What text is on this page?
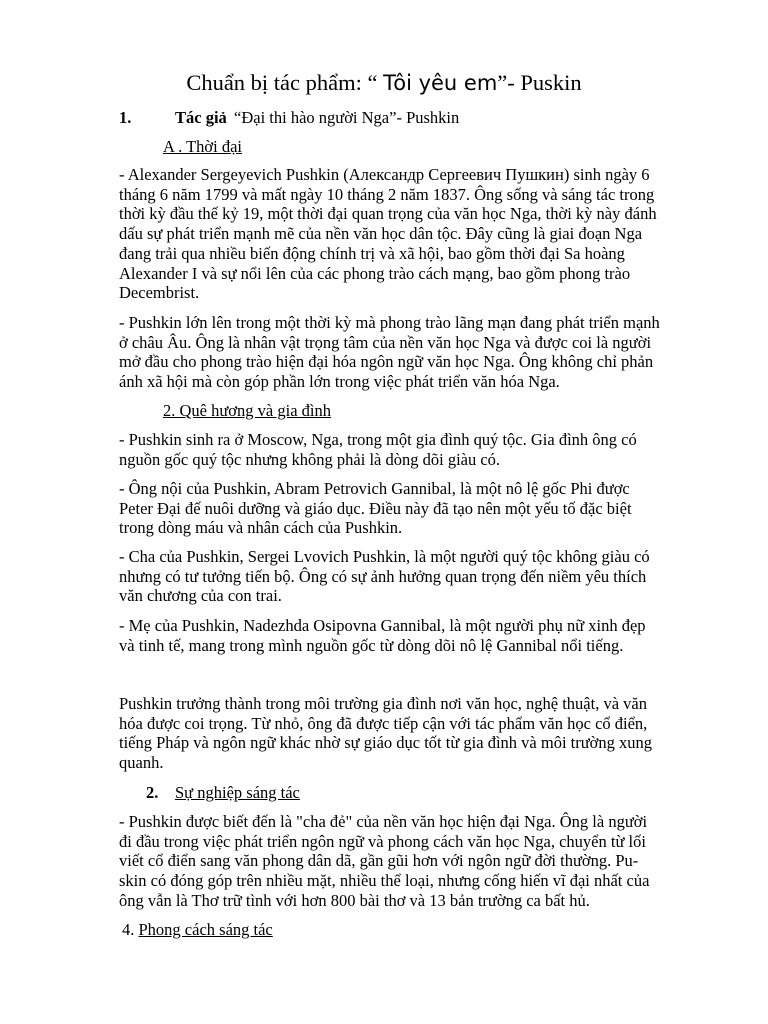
Chuẩn bị tác phẩm: “ Tôi yêu em”- Puskin
1.	Tác giả “Đại thi hào người Nga”- Pushkin
A . Thời đại
- Alexander Sergeyevich Pushkin (Александр Сергеевич Пушкин) sinh ngày 6
tháng 6 năm 1799 và mất ngày 10 tháng 2 năm 1837. Ông sống và sáng tác trong
thời kỳ đầu thế kỷ 19, một thời đại quan trọng của văn học Nga, thời kỳ này đánh
dấu sự phát triển mạnh mẽ của nền văn học dân tộc. Đây cũng là giai đoạn Nga
đang trải qua nhiều biến động chính trị và xã hội, bao gồm thời đại Sa hoàng
Alexander I và sự nổi lên của các phong trào cách mạng, bao gồm phong trào
Decembrist.
- Pushkin lớn lên trong một thời kỳ mà phong trào lãng mạn đang phát triển mạnh
ở châu Âu. Ông là nhân vật trọng tâm của nền văn học Nga và được coi là người
mở đầu cho phong trào hiện đại hóa ngôn ngữ văn học Nga. Ông không chỉ phản
ánh xã hội mà còn góp phần lớn trong việc phát triển văn hóa Nga.
2. Quê hương và gia đình
- Pushkin sinh ra ở Moscow, Nga, trong một gia đình quý tộc. Gia đình ông có
nguồn gốc quý tộc nhưng không phải là dòng dõi giàu có.
- Ông nội của Pushkin, Abram Petrovich Gannibal, là một nô lệ gốc Phi được
Peter Đại đế nuôi dưỡng và giáo dục. Điều này đã tạo nên một yếu tố đặc biệt
trong dòng máu và nhân cách của Pushkin.
- Cha của Pushkin, Sergei Lvovich Pushkin, là một người quý tộc không giàu có
nhưng có tư tưởng tiến bộ. Ông có sự ảnh hưởng quan trọng đến niềm yêu thích
văn chương của con trai.
- Mẹ của Pushkin, Nadezhda Osipovna Gannibal, là một người phụ nữ xinh đẹp
và tinh tế, mang trong mình nguồn gốc từ dòng dõi nô lệ Gannibal nổi tiếng.
Pushkin trưởng thành trong môi trường gia đình nơi văn học, nghệ thuật, và văn
hóa được coi trọng. Từ nhỏ, ông đã được tiếp cận với tác phẩm văn học cổ điển,
tiếng Pháp và ngôn ngữ khác nhờ sự giáo dục tốt từ gia đình và môi trường xung
quanh.
2. Sự nghiệp sáng tác
- Pushkin được biết đến là "cha đẻ" của nền văn học hiện đại Nga. Ông là người
đi đầu trong việc phát triển ngôn ngữ và phong cách văn học Nga, chuyển từ lối
viết cổ điển sang văn phong dân dã, gần gũi hơn với ngôn ngữ đời thường. Pu-
skin có đóng góp trên nhiều mặt, nhiều thể loại, nhưng cống hiến vĩ đại nhất của
ông vẫn là Thơ trữ tình với hơn 800 bài thơ và 13 bản trường ca bất hủ.
4. Phong cách sáng tác
